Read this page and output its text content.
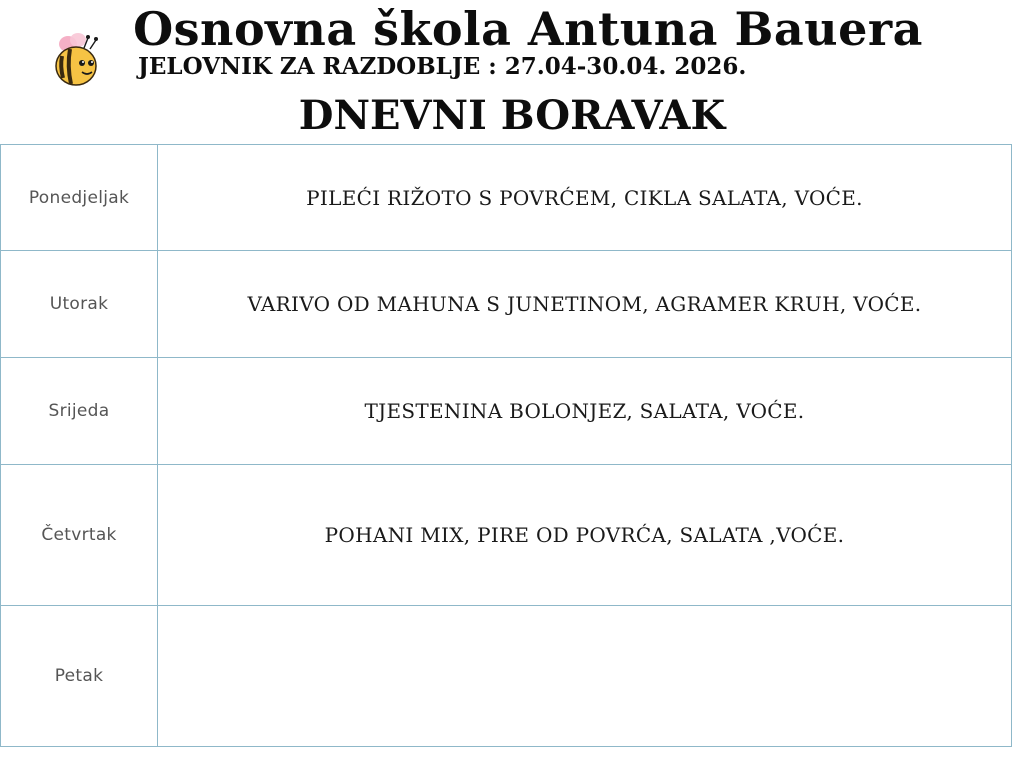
Osnovna škola Antuna Bauera
JELOVNIK ZA RAZDOBLJE : 27.04-30.04. 2026.
DNEVNI BORAVAK
Ponedjeljak	PILEĆI RIŽOTO S POVRĆEM, CIKLA SALATA, VOĆE.
Utorak	VARIVO OD MAHUNA S JUNETINOM, AGRAMER KRUH, VOĆE.
Srijeda	TJESTENINA BOLONJEZ, SALATA, VOĆE.
Četvrtak	POHANI MIX, PIRE OD POVRĆA, SALATA ,VOĆE.
Petak	
